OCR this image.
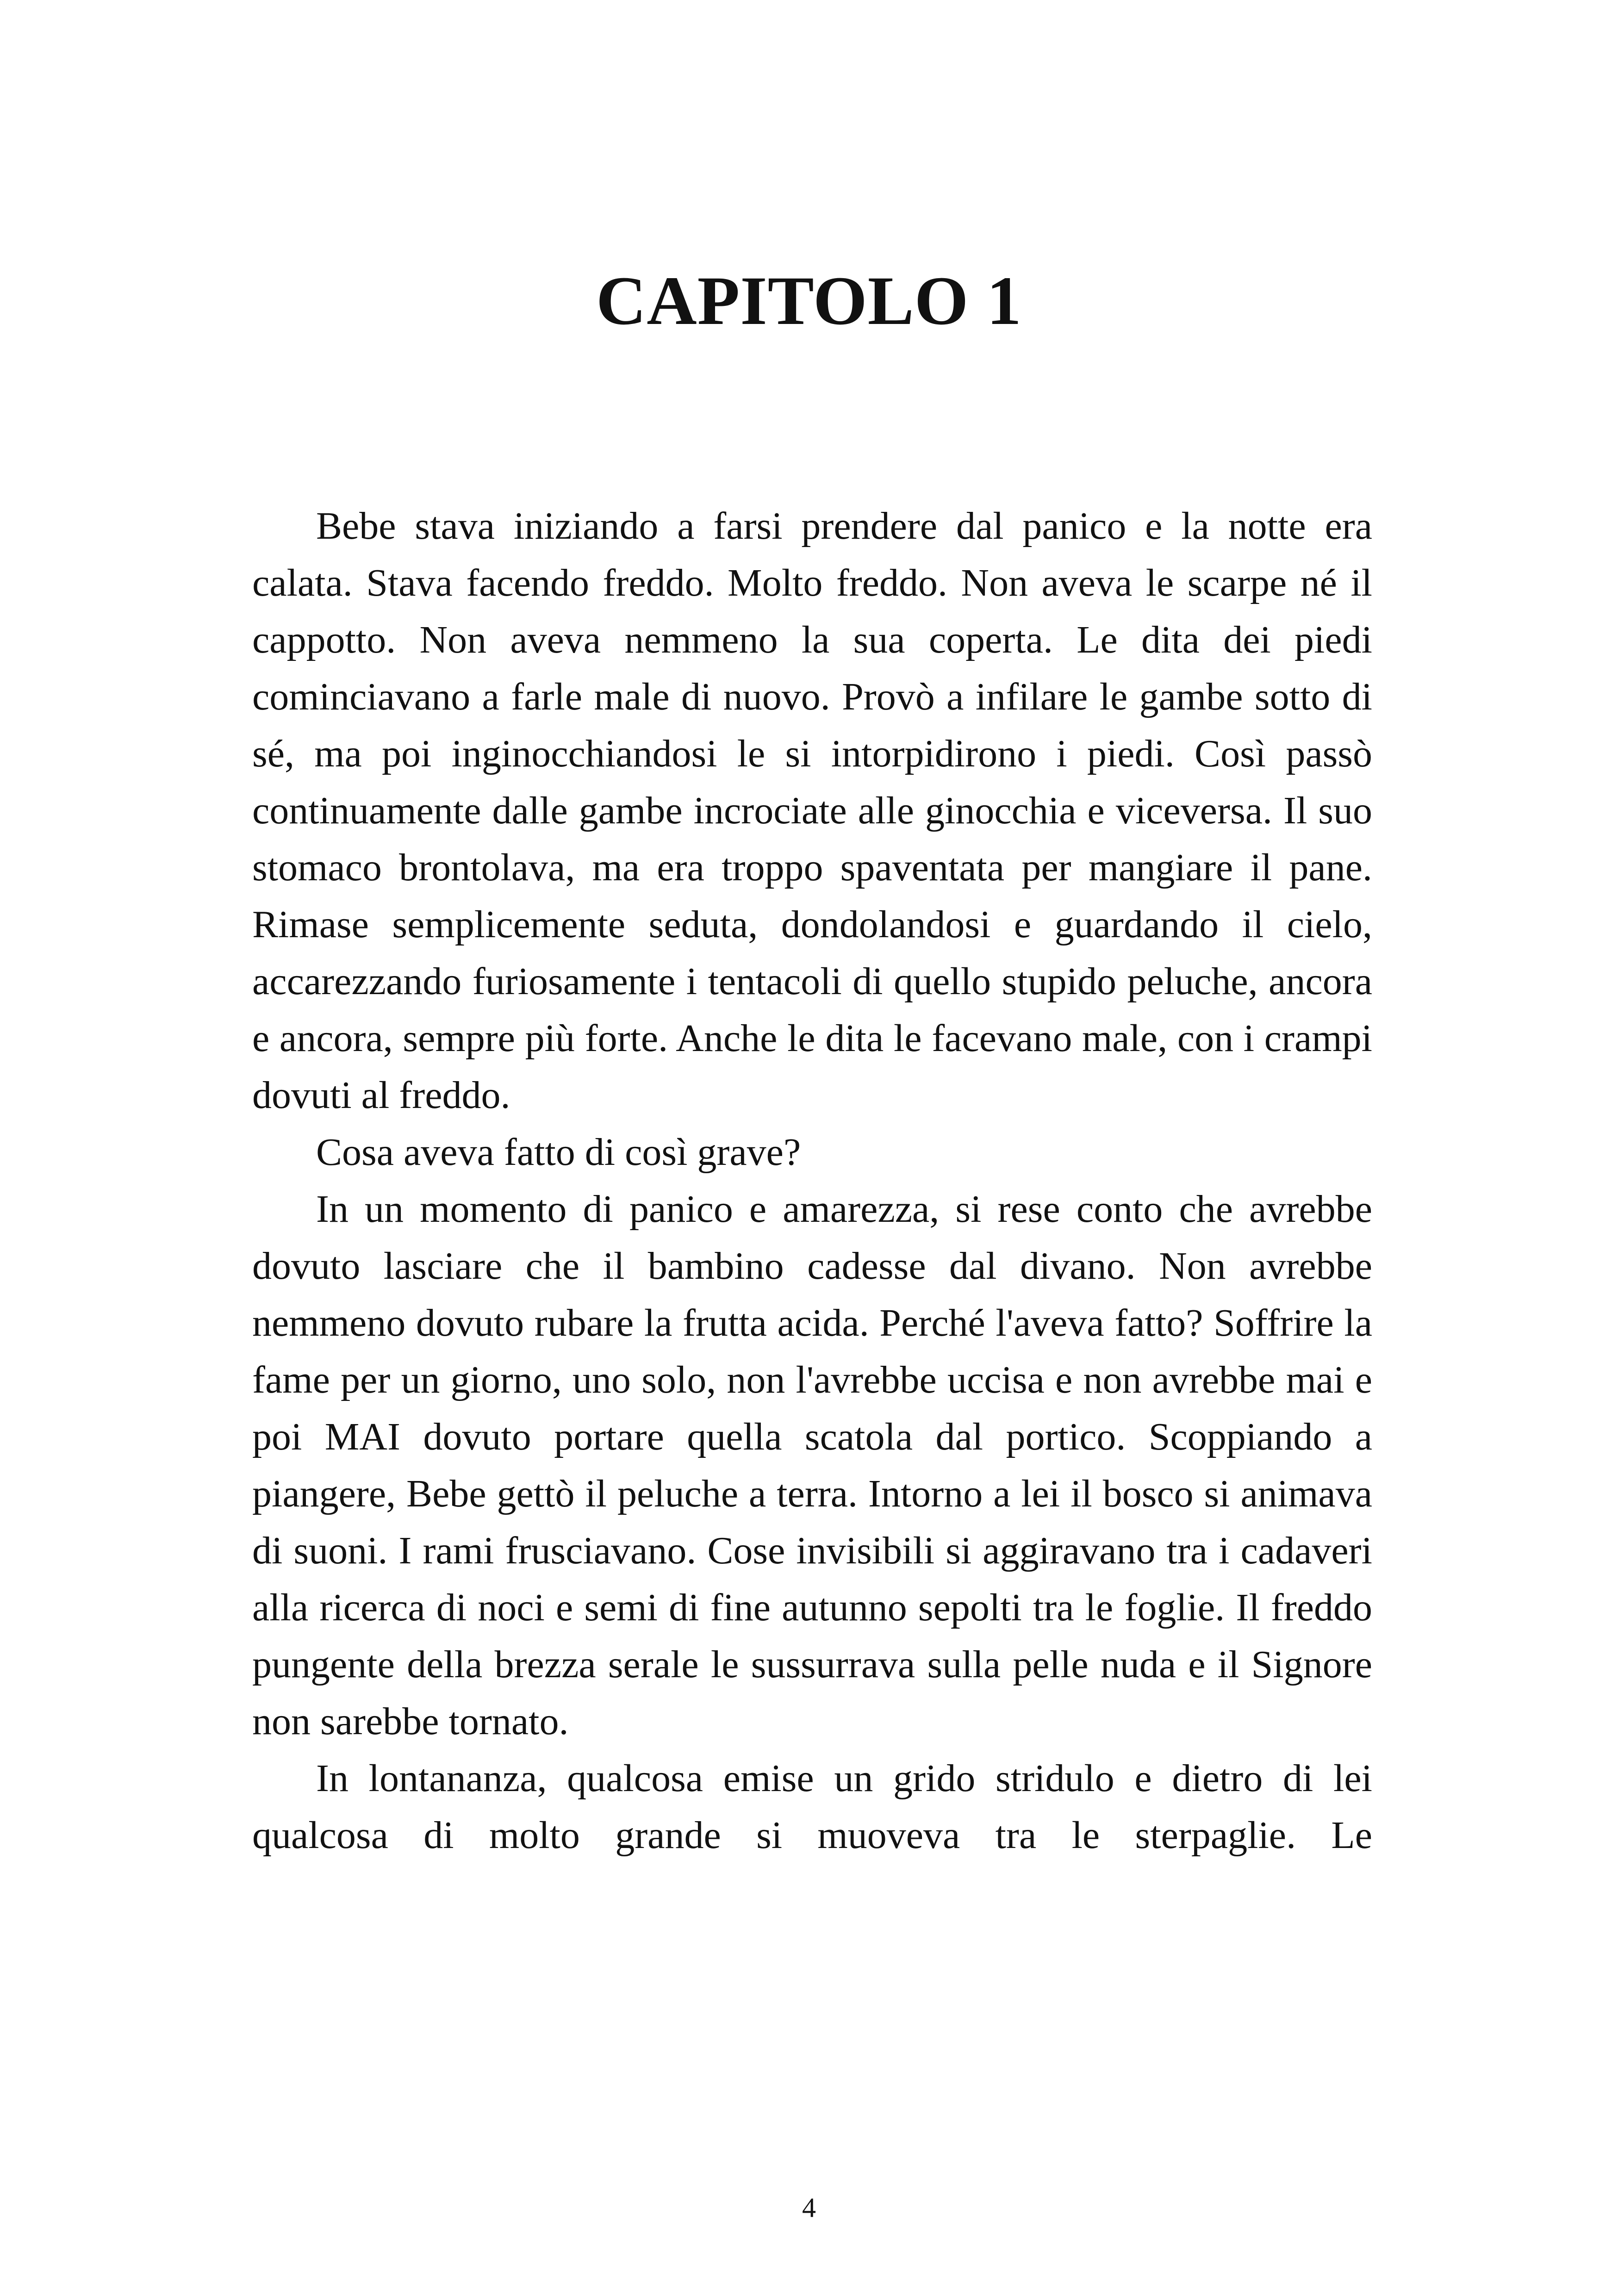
CAPITOLO 1

Bebe stava iniziando a farsi prendere dal panico e la notte era calata. Stava facendo freddo. Molto freddo. Non aveva le scarpe né il cappotto. Non aveva nemmeno la sua coperta. Le dita dei piedi cominciavano a farle male di nuovo. Provò a infilare le gambe sotto di sé, ma poi inginocchiandosi le si intorpidirono i piedi. Così passò continuamente dalle gambe incrociate alle ginocchia e viceversa. Il suo stomaco brontolava, ma era troppo spaventata per mangiare il pane. Rimase semplicemente seduta, dondolandosi e guardando il cielo, accarezzando furiosamente i tentacoli di quello stupido peluche, ancora e ancora, sempre più forte. Anche le dita le facevano male, con i crampi dovuti al freddo.

Cosa aveva fatto di così grave?

In un momento di panico e amarezza, si rese conto che avrebbe dovuto lasciare che il bambino cadesse dal divano. Non avrebbe nemmeno dovuto rubare la frutta acida. Perché l'aveva fatto? Soffrire la fame per un giorno, uno solo, non l'avrebbe uccisa e non avrebbe mai e poi MAI dovuto portare quella scatola dal portico. Scoppiando a piangere, Bebe gettò il peluche a terra. Intorno a lei il bosco si animava di suoni. I rami frusciavano. Cose invisibili si aggiravano tra i cadaveri alla ricerca di noci e semi di fine autunno sepolti tra le foglie. Il freddo pungente della brezza serale le sussurrava sulla pelle nuda e il Signore non sarebbe tornato.

In lontananza, qualcosa emise un grido stridulo e dietro di lei qualcosa di molto grande si muoveva tra le sterpaglie. Le

4
